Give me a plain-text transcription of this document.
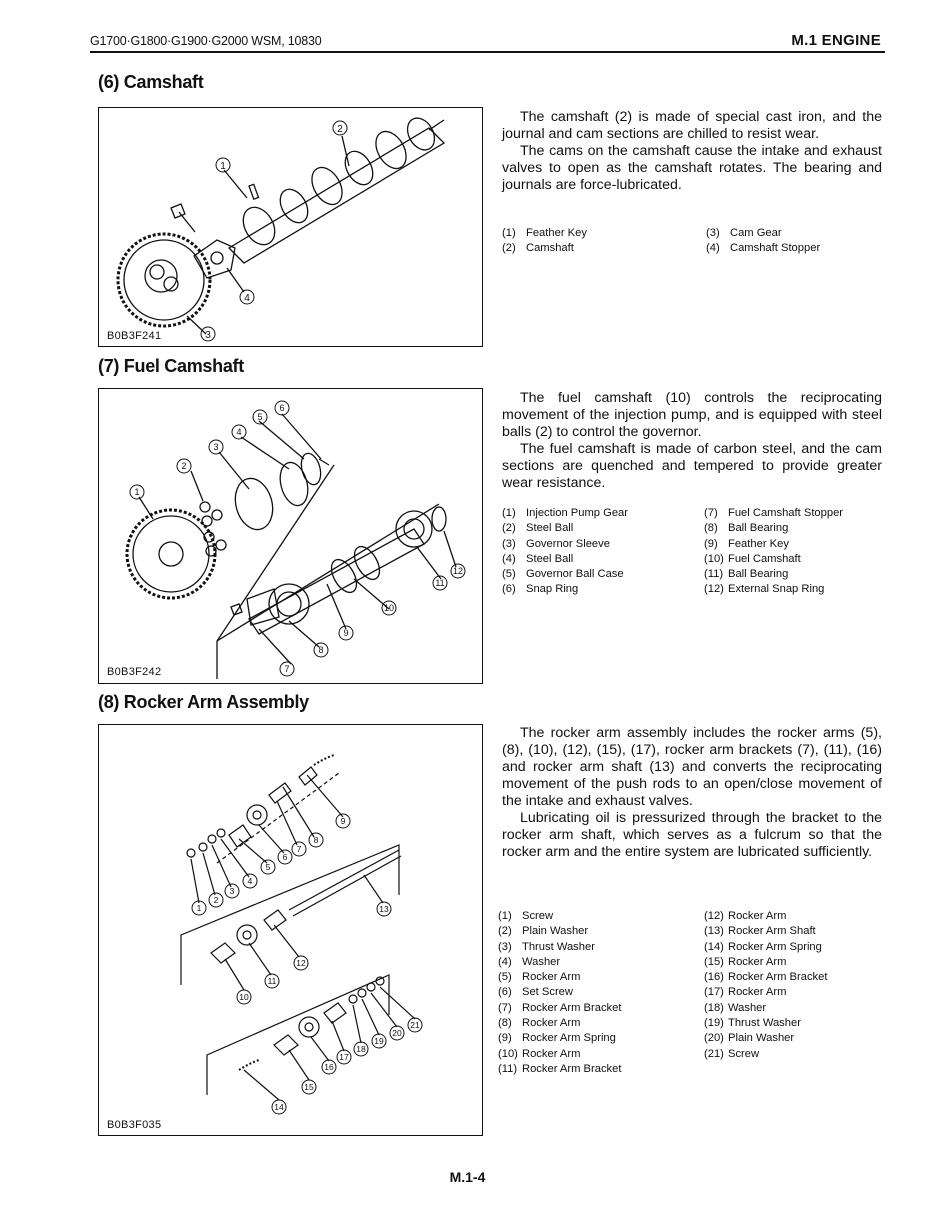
G1700·G1800·G1900·G2000 WSM, 10830	M.1 ENGINE
(6) Camshaft
1
2
3
4
B0B3F241

The camshaft (2) is made of special cast iron, and the journal and cam sections are chilled to resist wear.

The cams on the camshaft cause the intake and exhaust valves to open as the camshaft rotates. The bearing and journals are force-lubricated.

(1) Feather Key
(2) Camshaft
(3) Cam Gear
(4) Camshaft Stopper
(7) Fuel Camshaft
1
2
3
4
5
6
7
8
9
10
11
12
B0B3F242

The fuel camshaft (10) controls the reciprocating movement of the injection pump, and is equipped with steel balls (2) to control the governor.

The fuel camshaft is made of carbon steel, and the cam sections are quenched and tempered to provide greater wear resistance.

(1) Injection Pump Gear
(2) Steel Ball
(3) Governor Sleeve
(4) Steel Ball
(5) Governor Ball Case
(6) Snap Ring
(7) Fuel Camshaft Stopper
(8) Ball Bearing
(9) Feather Key
(10) Fuel Camshaft
(11) Ball Bearing
(12) External Snap Ring
(8) Rocker Arm Assembly
1
2
3
4
5
6
7
8
9
10
11
12
13
14
15
16
17
18
19
20
21
B0B3F035

The rocker arm assembly includes the rocker arms (5), (8), (10), (12), (15), (17), rocker arm brackets (7), (11), (16) and rocker arm shaft (13) and converts the reciprocating movement of the push rods to an open/close movement of the intake and exhaust valves.

Lubricating oil is pressurized through the bracket to the rocker arm shaft, which serves as a fulcrum so that the rocker arm and the entire system are lubricated sufficiently.

(1) Screw
(2) Plain Washer
(3) Thrust Washer
(4) Washer
(5) Rocker Arm
(6) Set Screw
(7) Rocker Arm Bracket
(8) Rocker Arm
(9) Rocker Arm Spring
(10) Rocker Arm
(11) Rocker Arm Bracket
(12) Rocker Arm
(13) Rocker Arm Shaft
(14) Rocker Arm Spring
(15) Rocker Arm
(16) Rocker Arm Bracket
(17) Rocker Arm
(18) Washer
(19) Thrust Washer
(20) Plain Washer
(21) Screw
M.1-4
